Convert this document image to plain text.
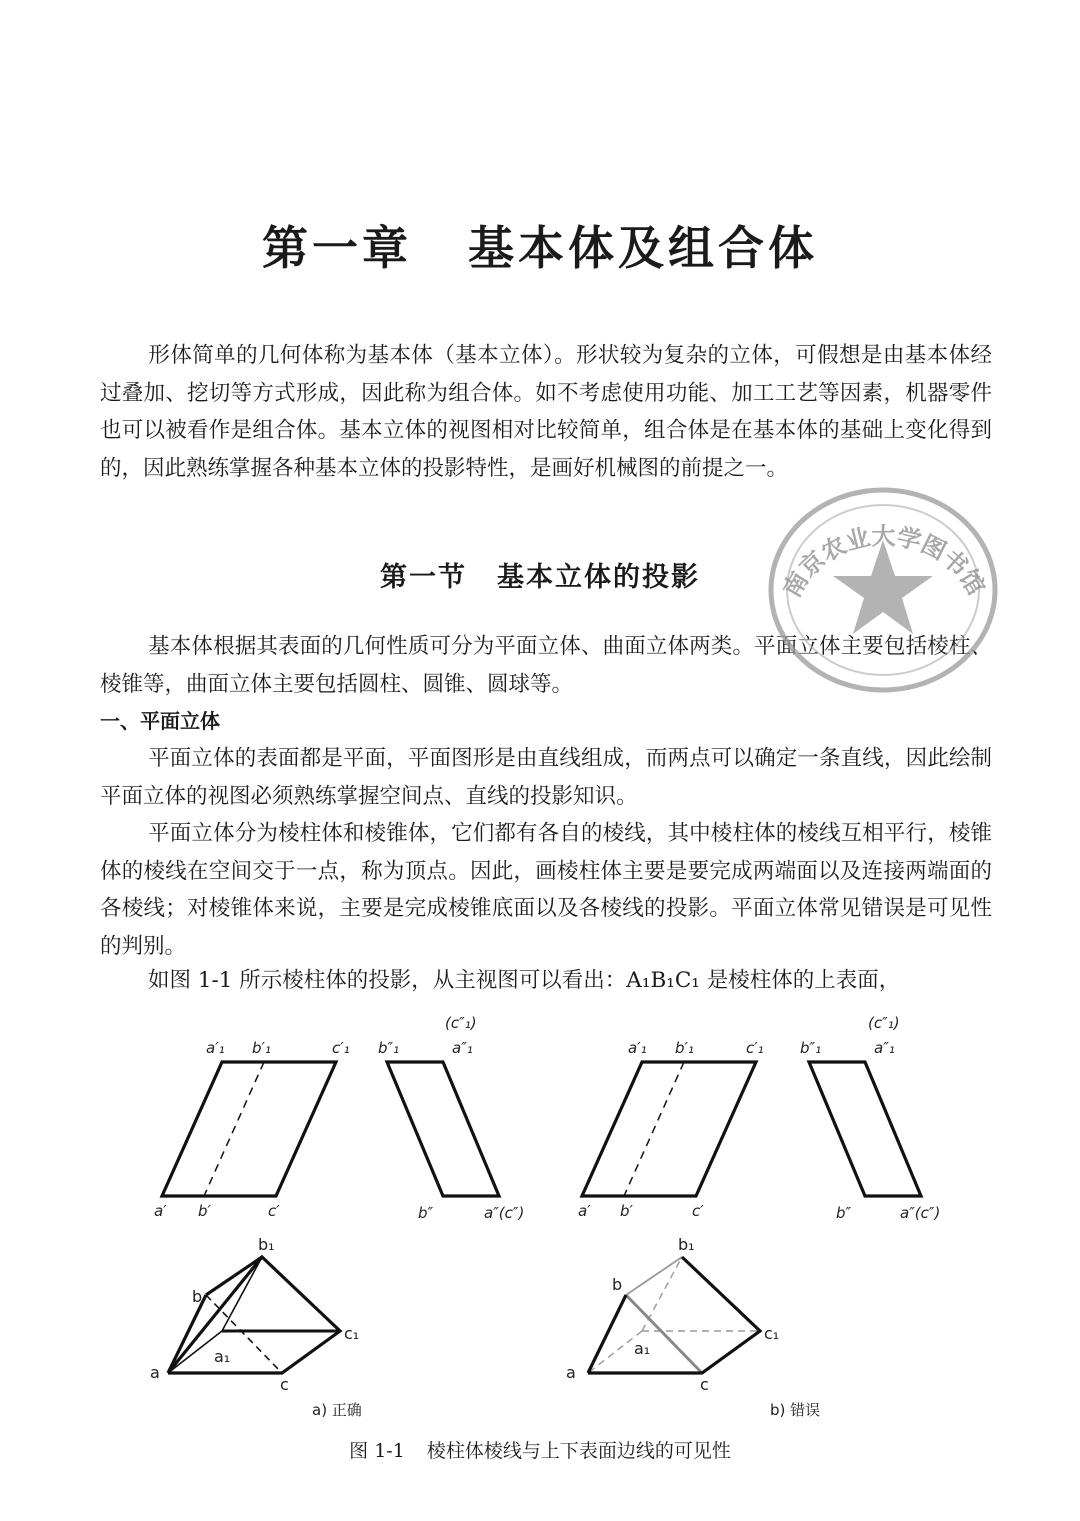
第一章 基本体及组合体

形体简单的几何体称为基本体（基本立体）。形状较为复杂的立体，可假想是由基本体经过叠加、挖切等方式形成，因此称为组合体。如不考虑使用功能、加工工艺等因素，机器零件也可以被看作是组合体。基本立体的视图相对比较简单，组合体是在基本体的基础上变化得到的，因此熟练掌握各种基本立体的投影特性，是画好机械图的前提之一。

第一节 基本立体的投影

基本体根据其表面的几何性质可分为平面立体、曲面立体两类。平面立体主要包括棱柱、棱锥等，曲面立体主要包括圆柱、圆锥、圆球等。

一、平面立体

平面立体的表面都是平面，平面图形是由直线组成，而两点可以确定一条直线，因此绘制平面立体的视图必须熟练掌握空间点、直线的投影知识。

平面立体分为棱柱体和棱锥体，它们都有各自的棱线，其中棱柱体的棱线互相平行，棱锥体的棱线在空间交于一点，称为顶点。因此，画棱柱体主要是要完成两端面以及连接两端面的各棱线；对棱锥体来说，主要是完成棱锥底面以及各棱线的投影。平面立体常见错误是可见性的判别。

如图 1-1 所示棱柱体的投影，从主视图可以看出：A₁B₁C₁ 是棱柱体的上表面，

南京农业大学图书馆
a′₁ b′₁	c′₁
a′ b′	c′
(c″₁)
b″₁	a″₁
b″	a″(c″)
a′₁ b′₁	c′₁
a′ b′	c′
(c″₁)
b″₁	a″₁
b″	a″(c″)
b₁
b
c₁
a₁
a
c
b₁
b
c₁
a₁
a
c
a) 正确	b) 错误

图 1-1 棱柱体棱线与上下表面边线的可见性
